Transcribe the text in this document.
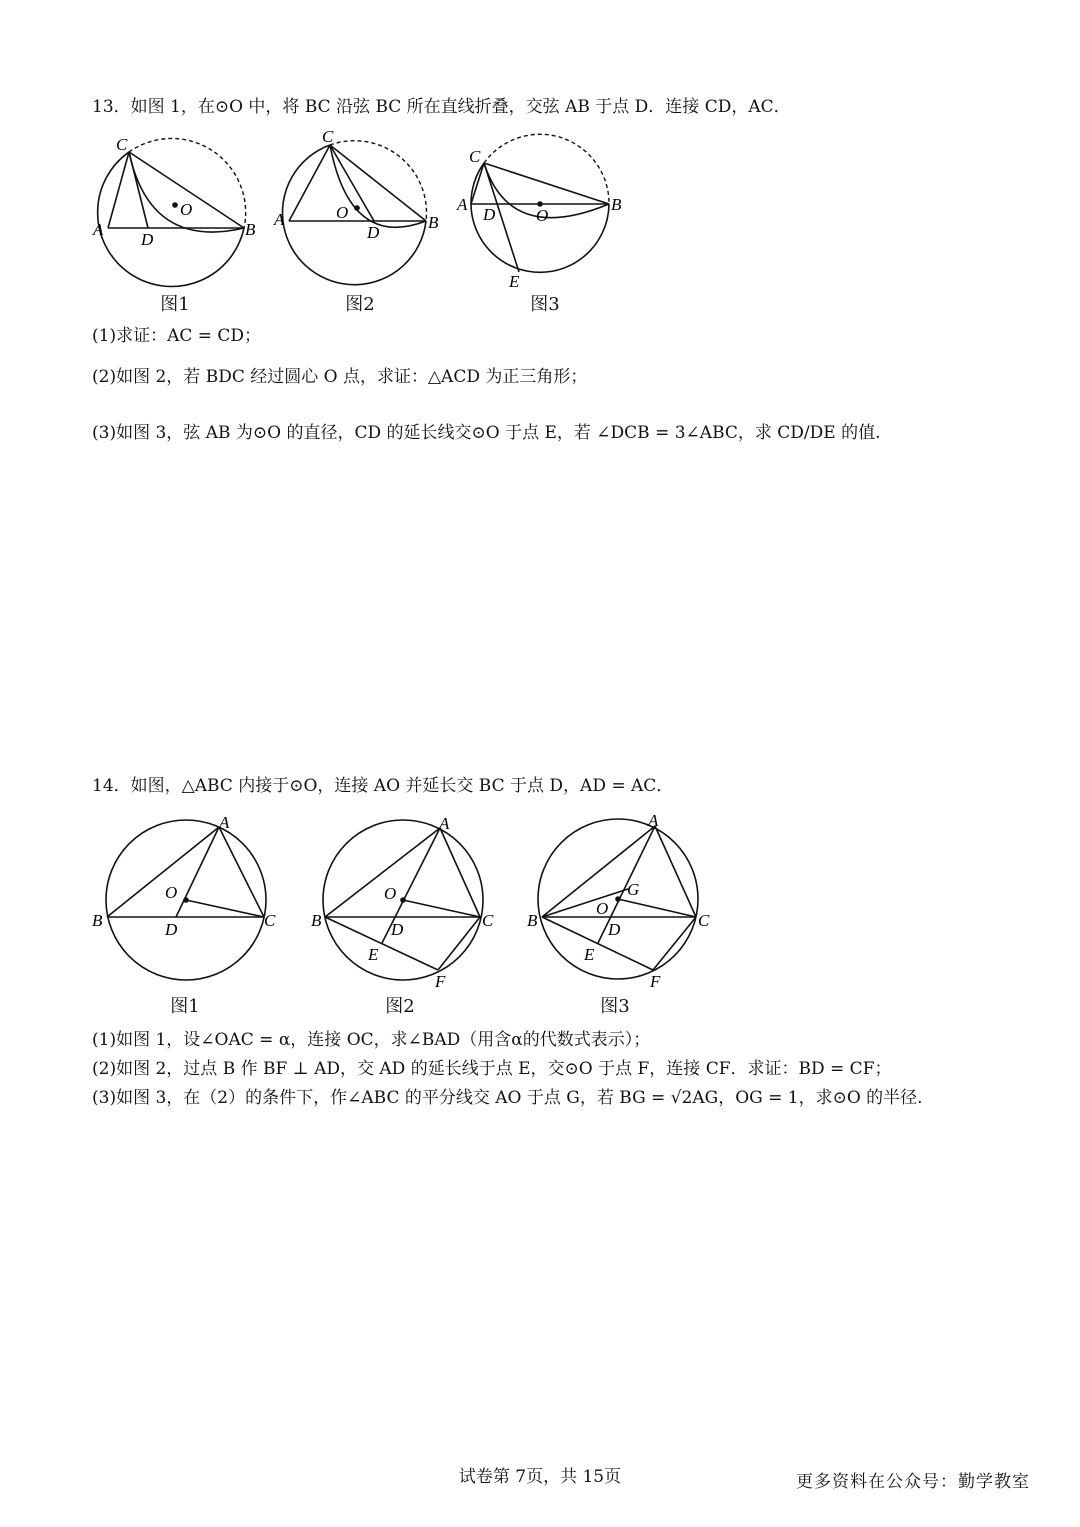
13．如图 1，在⊙O 中，将 BC 沿弦 BC 所在直线折叠，交弦 AB 于点 D．连接 CD，AC．
C
O
A
D
B
图1
C
O
A
D
B
图2
C
O
A
D
B
E
图3
(1)求证：AC = CD；
(2)如图 2，若 BDC 经过圆心 O 点，求证：△ACD 为正三角形；
(3)如图 3，弦 AB 为⊙O 的直径，CD 的延长线交⊙O 于点 E，若 ∠DCB = 3∠ABC，求 CD/DE 的值.
14．如图，△ABC 内接于⊙O，连接 AO 并延长交 BC 于点 D，AD = AC．
A
O
B	C
D
图1
A
O
B	C
D
E
F
图2
A
G
O
B	C
D
E
F
图3
(1)如图 1，设∠OAC = α，连接 OC，求∠BAD（用含α的代数式表示）；
(2)如图 2，过点 B 作 BF ⊥ AD，交 AD 的延长线于点 E，交⊙O 于点 F，连接 CF．求证：BD = CF；
(3)如图 3，在（2）的条件下，作∠ABC 的平分线交 AO 于点 G，若 BG = √2AG，OG = 1，求⊙O 的半径.
试卷第 7页，共 15页	更多资料在公众号：勤学教室
